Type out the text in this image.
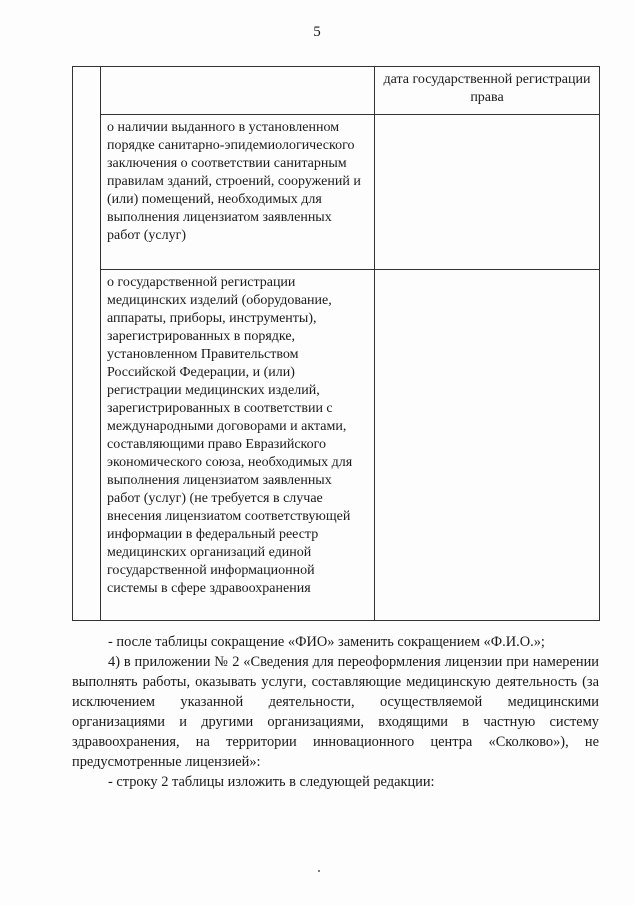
5
		дата государственной регистрации права
	о наличии выданного в установленном порядке санитарно-эпидемиологического заключения о соответствии санитарным правилам зданий, строений, сооружений и (или) помещений, необходимых для выполнения лицензиатом заявленных работ (услуг)	
	о государственной регистрации медицинских изделий (оборудование, аппараты, приборы, инструменты), зарегистрированных в порядке, установленном Правительством Российской Федерации, и (или) регистрации медицинских изделий, зарегистрированных в соответствии с международными договорами и актами, составляющими право Евразийского экономического союза, необходимых для выполнения лицензиатом заявленных работ (услуг) (не требуется в случае внесения лицензиатом соответствующей информации в федеральный реестр медицинских организаций единой государственной информационной системы в сфере здравоохранения	

- после таблицы сокращение «ФИО» заменить сокращением «Ф.И.О.»;

4) в приложении № 2 «Сведения для переоформления лицензии при намерении выполнять работы, оказывать услуги, составляющие медицинскую деятельность (за исключением указанной деятельности, осуществляемой медицинскими организациями и другими организациями, входящими в частную систему здравоохранения, на территории инновационного центра «Сколково»), не предусмотренные лицензией»:

- строку 2 таблицы изложить в следующей редакции:
